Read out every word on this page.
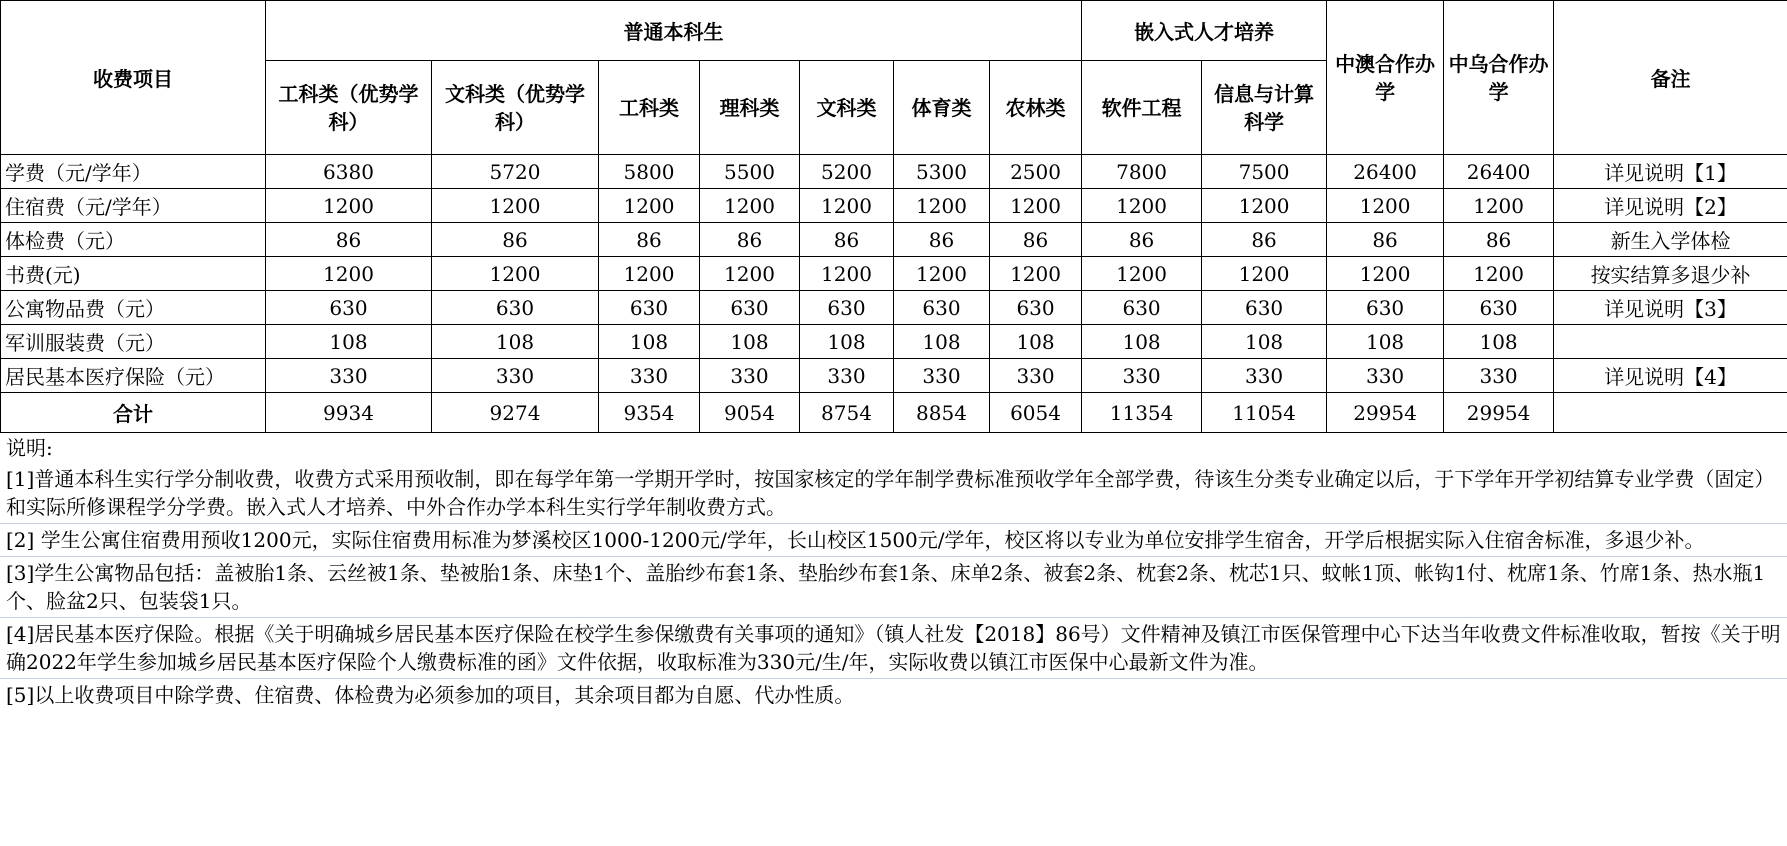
收费项目	普通本科生							嵌入式人才培养		中澳合作办学	中乌合作办学	备注
	工科类（优势学科）	文科类（优势学科）	工科类	理科类	文科类	体育类	农林类	软件工程	信息与计算科学			
学费（元/学年）	6380	5720	5800	5500	5200	5300	2500	7800	7500	26400	26400	详见说明【1】
住宿费（元/学年）	1200	1200	1200	1200	1200	1200	1200	1200	1200	1200	1200	详见说明【2】
体检费（元）	86	86	86	86	86	86	86	86	86	86	86	新生入学体检
书费(元)	1200	1200	1200	1200	1200	1200	1200	1200	1200	1200	1200	按实结算多退少补
公寓物品费（元）	630	630	630	630	630	630	630	630	630	630	630	详见说明【3】
军训服装费（元）	108	108	108	108	108	108	108	108	108	108	108	
居民基本医疗保险（元）	330	330	330	330	330	330	330	330	330	330	330	详见说明【4】
合计	9934	9274	9354	9054	8754	8854	6054	11354	11054	29954	29954	
说明:
[1]普通本科生实行学分制收费，收费方式采用预收制，即在每学年第一学期开学时，按国家核定的学年制学费标准预收学年全部学费，待该生分类专业确定以后，于下学年开学初结算专业学费（固定）和实际所修课程学分学费。嵌入式人才培养、中外合作办学本科生实行学年制收费方式。
[2] 学生公寓住宿费用预收1200元，实际住宿费用标准为梦溪校区1000-1200元/学年，长山校区1500元/学年，校区将以专业为单位安排学生宿舍，开学后根据实际入住宿舍标准，多退少补。
[3]学生公寓物品包括：盖被胎1条、云丝被1条、垫被胎1条、床垫1个、盖胎纱布套1条、垫胎纱布套1条、床单2条、被套2条、枕套2条、枕芯1只、蚊帐1顶、帐钩1付、枕席1条、竹席1条、热水瓶1个、脸盆2只、包装袋1只。
[4]居民基本医疗保险。根据《关于明确城乡居民基本医疗保险在校学生参保缴费有关事项的通知》（镇人社发【2018】86号）文件精神及镇江市医保管理中心下达当年收费文件标准收取，暂按《关于明确2022年学生参加城乡居民基本医疗保险个人缴费标准的函》文件依据，收取标准为330元/生/年，实际收费以镇江市医保中心最新文件为准。
[5]以上收费项目中除学费、住宿费、体检费为必须参加的项目，其余项目都为自愿、代办性质。
